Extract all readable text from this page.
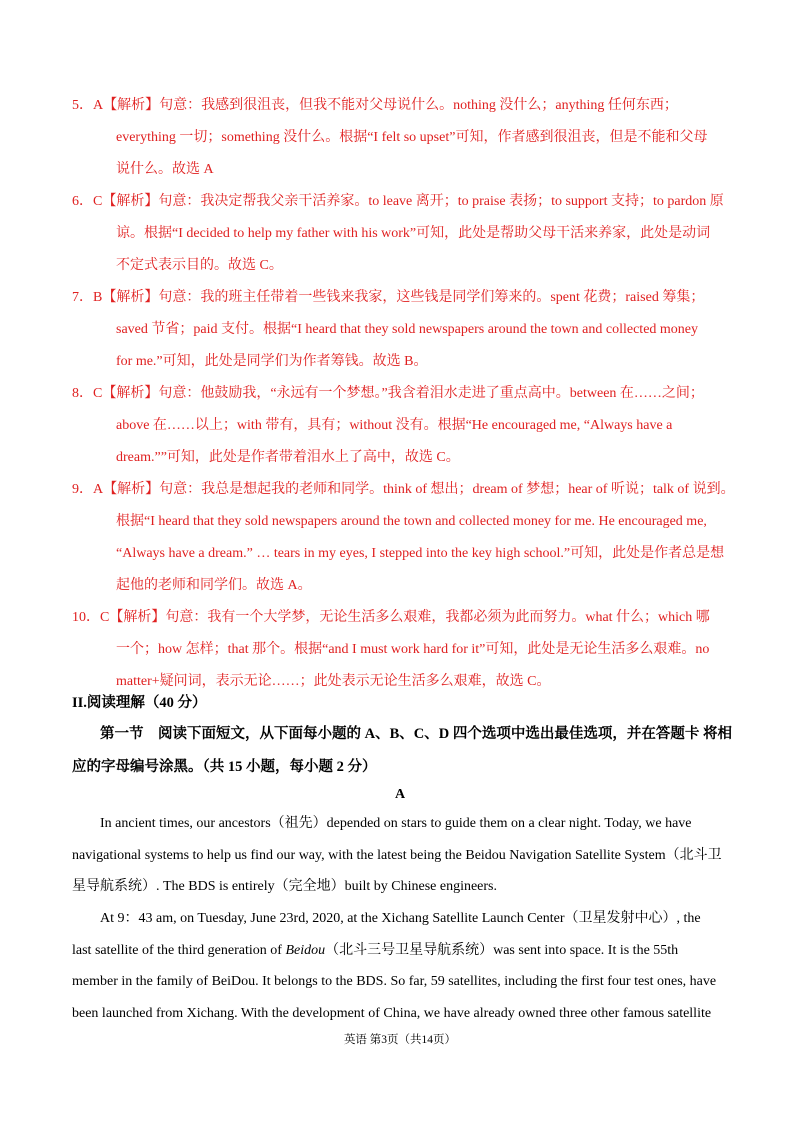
5．A【解析】句意：我感到很沮丧，但我不能对父母说什么。nothing 没什么；anything 任何东西；
everything 一切；something 没什么。根据“I felt so upset”可知，作者感到很沮丧，但是不能和父母
说什么。故选 A
6．C【解析】句意：我决定帮我父亲干活养家。to leave 离开；to praise 表扬；to support 支持；to pardon 原
谅。根据“I decided to help my father with his work”可知，此处是帮助父母干活来养家，此处是动词
不定式表示目的。故选 C。
7．B【解析】句意：我的班主任带着一些钱来我家，这些钱是同学们筹来的。spent 花费；raised 筹集；
saved 节省；paid 支付。根据“I heard that they sold newspapers around the town and collected money
for me.”可知，此处是同学们为作者筹钱。故选 B。
8．C【解析】句意：他鼓励我，“永远有一个梦想。”我含着泪水走进了重点高中。between 在……之间；
above 在……以上；with 带有，具有；without 没有。根据“He encouraged me, “Always have a
dream.””可知，此处是作者带着泪水上了高中，故选 C。
9．A【解析】句意：我总是想起我的老师和同学。think of 想出；dream of 梦想；hear of 听说；talk of 说到。
根据“I heard that they sold newspapers around the town and collected money for me. He encouraged me,
“Always have a dream.” … tears in my eyes, I stepped into the key high school.”可知，此处是作者总是想
起他的老师和同学们。故选 A。
10．C【解析】句意：我有一个大学梦，无论生活多么艰难，我都必须为此而努力。what 什么；which 哪
一个；how 怎样；that 那个。根据“and I must work hard for it”可知，此处是无论生活多么艰难。no
matter+疑问词，表示无论……；此处表示无论生活多么艰难，故选 C。
II.阅读理解（40 分）
第一节　阅读下面短文，从下面每小题的 A、B、C、D 四个选项中选出最佳选项，并在答题卡 将相
应的字母编号涂黑。（共 15 小题，每小题 2 分）
A
In ancient times, our ancestors（祖先）depended on stars to guide them on a clear night. Today, we have
navigational systems to help us find our way, with the latest being the Beidou Navigation Satellite System（北斗卫
星导航系统）. The BDS is entirely（完全地）built by Chinese engineers.
At 9：43 am, on Tuesday, June 23rd, 2020, at the Xichang Satellite Launch Center（卫星发射中心）, the
last satellite of the third generation of Beidou（北斗三号卫星导航系统）was sent into space. It is the 55th
member in the family of BeiDou. It belongs to the BDS. So far, 59 satellites, including the first four test ones, have
been launched from Xichang. With the development of China, we have already owned three other famous satellite
英语 第3页（共14页）
